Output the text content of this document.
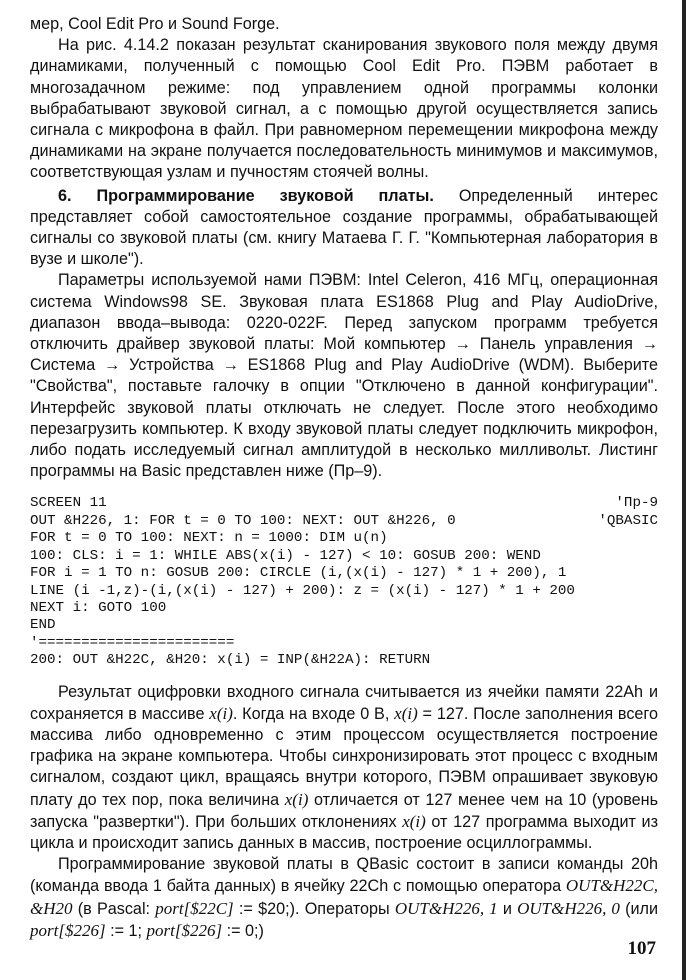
мер, Cool Edit Pro и Sound Forge.

На рис. 4.14.2 показан результат сканирования звукового поля между двумя динамиками, полученный с помощью Cool Edit Pro. ПЭВМ работает в многозадачном режиме: под управлением одной программы колонки выбрабатывают звуковой сигнал, а с помощью другой осуществляется запись сигнала с микрофона в файл. При равномерном перемещении микрофона между динамиками на экране получается последовательность минимумов и максимумов, соответствующая узлам и пучностям стоячей волны.

6. Программирование звуковой платы. Определенный интерес представляет собой самостоятельное создание программы, обрабатывающей сигналы со звуковой платы (см. книгу Матаева Г. Г. "Компьютерная лаборатория в вузе и школе").

Параметры используемой нами ПЭВМ: Intel Celeron, 416 МГц, операционная система Windows98 SE. Звуковая плата ES1868 Plug and Play AudioDrive, диапазон ввода–вывода: 0220-022F. Перед запуском программ требуется отключить драйвер звуковой платы: Мой компьютер → Панель управления → Система → Устройства → ES1868 Plug and Play AudioDrive (WDM). Выберите "Свойства", поставьте галочку в опции "Отключено в данной конфигурации". Интерфейс звуковой платы отключать не следует. После этого необходимо перезагрузить компьютер. К входу звуковой платы следует подключить микрофон, либо подать исследуемый сигнал амплитудой в несколько милливольт. Листинг программы на Basic представлен ниже (Пр–9).

SCREEN 11	'Пр-9
OUT &H226, 1: FOR t = 0 TO 100: NEXT: OUT &H226, 0	'QBASIC
FOR t = 0 TO 100: NEXT: n = 1000: DIM u(n)
100: CLS: i = 1: WHILE ABS(x(i) - 127) < 10: GOSUB 200: WEND
FOR i = 1 TO n: GOSUB 200: CIRCLE (i,(x(i) - 127) * 1 + 200), 1
LINE (i -1,z)-(i,(x(i) - 127) + 200): z = (x(i) - 127) * 1 + 200
NEXT i: GOTO 100
END
'=======================
200: OUT &H22C, &H20: x(i) = INP(&H22A): RETURN

Результат оцифровки входного сигнала считывается из ячейки памяти 22Ah и сохраняется в массиве x(i). Когда на входе 0 В, x(i) = 127. После заполнения всего массива либо одновременно с этим процессом осуществляется построение графика на экране компьютера. Чтобы синхронизировать этот процесс с входным сигналом, создают цикл, вращаясь внутри которого, ПЭВМ опрашивает звуковую плату до тех пор, пока величина x(i) отличается от 127 менее чем на 10 (уровень запуска "развертки"). При больших отклонениях x(i) от 127 программа выходит из цикла и происходит запись данных в массив, построение осциллограммы.

Программирование звуковой платы в QBasic состоит в записи команды 20h (команда ввода 1 байта данных) в ячейку 22Ch с помощью оператора OUT&H22C, &H20 (в Pascal: port[$22C] := $20;). Операторы OUT&H226, 1 и OUT&H226, 0 (или port[$226] := 1; port[$226] := 0;)

107
